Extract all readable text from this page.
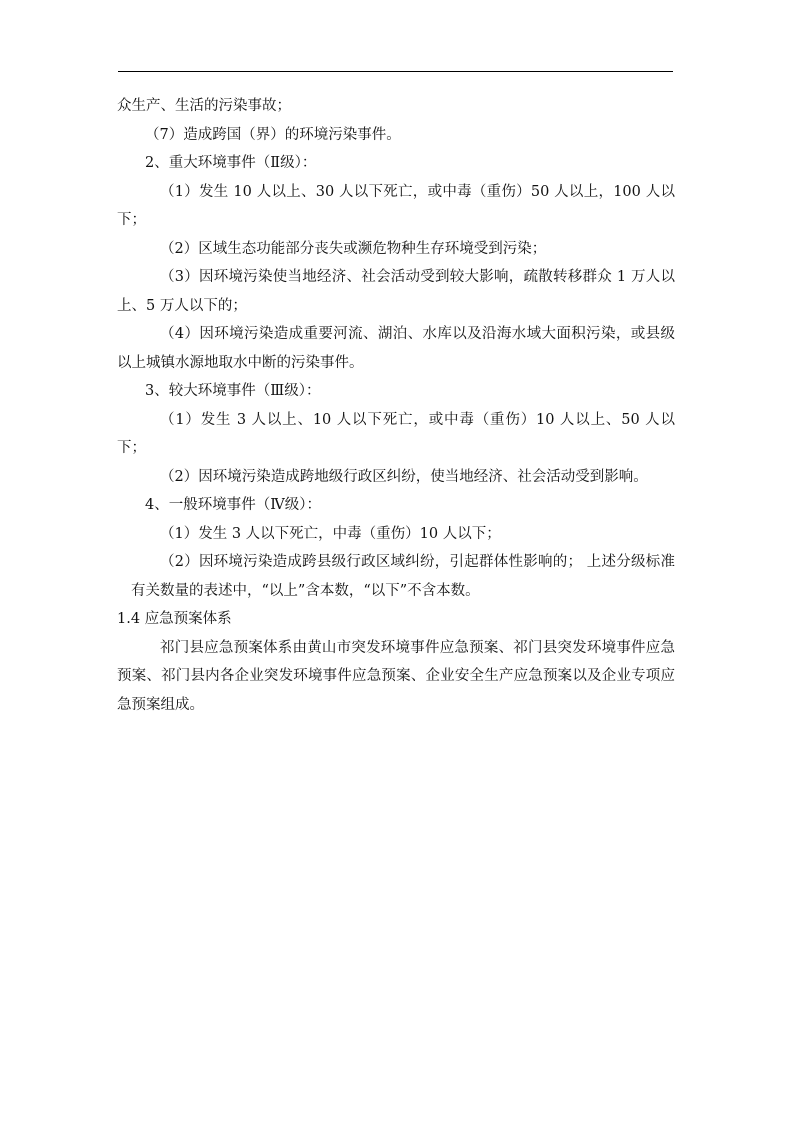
众生产、生活的污染事故；

（7）造成跨国（界）的环境污染事件。

2、重大环境事件（Ⅱ级）：

（1）发生 10 人以上、30 人以下死亡，或中毒（重伤）50 人以上，100 人以下；

（2）区域生态功能部分丧失或濒危物种生存环境受到污染；

（3）因环境污染使当地经济、社会活动受到较大影响，疏散转移群众 1 万人以上、5 万人以下的；

（4）因环境污染造成重要河流、湖泊、水库以及沿海水域大面积污染，或县级以上城镇水源地取水中断的污染事件。

3、较大环境事件（Ⅲ级）：

（1）发生 3 人以上、10 人以下死亡，或中毒（重伤）10 人以上、50 人以下；

（2）因环境污染造成跨地级行政区纠纷，使当地经济、社会活动受到影响。

4、一般环境事件（Ⅳ级）：

（1）发生 3 人以下死亡，中毒（重伤）10 人以下；

（2）因环境污染造成跨县级行政区域纠纷，引起群体性影响的； 上述分级标准有关数量的表述中，“以上”含本数，“以下”不含本数。

1.4 应急预案体系

祁门县应急预案体系由黄山市突发环境事件应急预案、祁门县突发环境事件应急预案、祁门县内各企业突发环境事件应急预案、企业安全生产应急预案以及企业专项应急预案组成。
